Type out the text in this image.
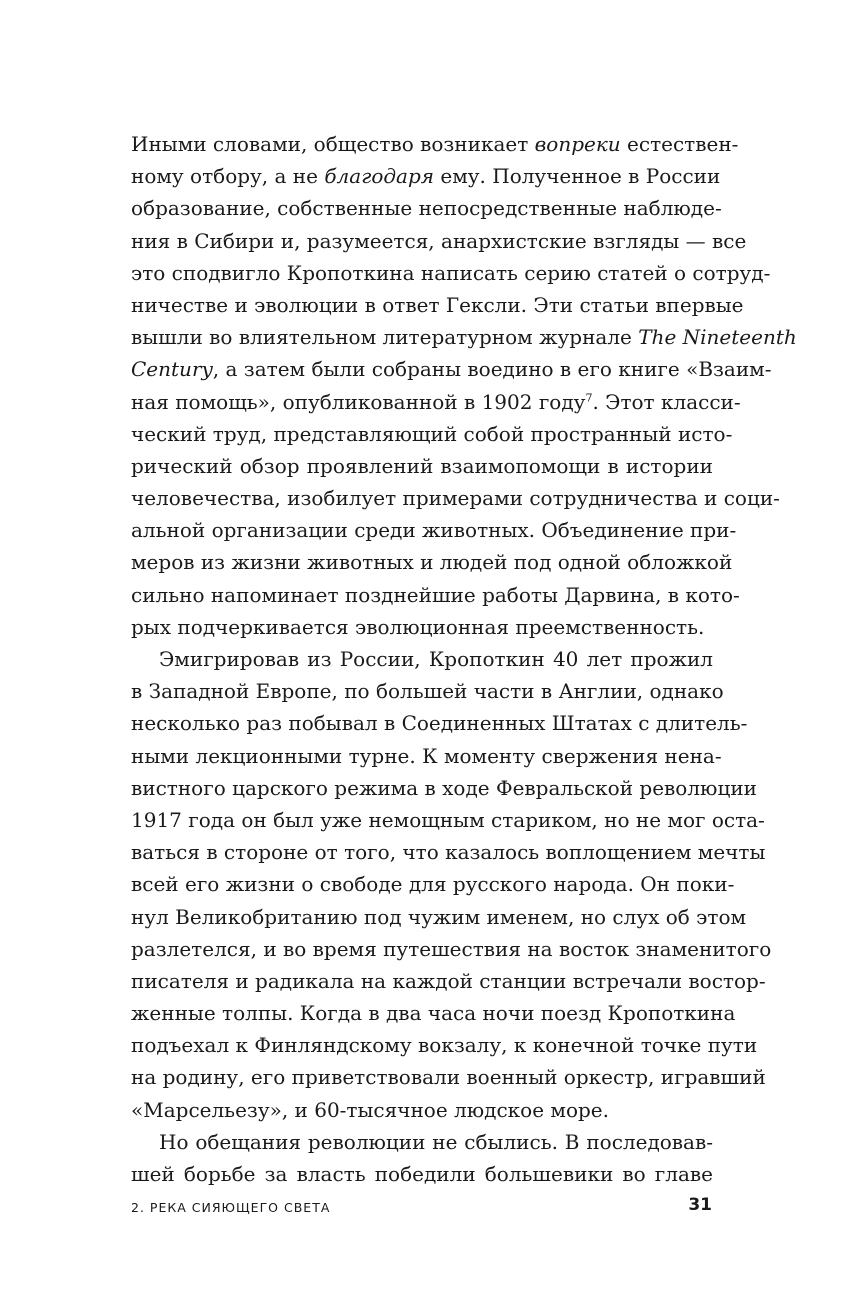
Иными словами, общество возникает вопреки естествен-
ному отбору, а не благодаря ему. Полученное в России
образование, собственные непосредственные наблюде-
ния в Сибири и, разумеется, анархистские взгляды — все
это сподвигло Кропоткина написать серию статей о сотруд-
ничестве и эволюции в ответ Гексли. Эти статьи впервые
вышли во влиятельном литературном журнале The Nineteenth
Century, а затем были собраны воедино в его книге «Взаим-
ная помощь», опубликованной в 1902 году$^7$. Этот класси-
ческий труд, представляющий собой пространный исто-
рический обзор проявлений взаимопомощи в истории
человечества, изобилует примерами сотрудничества и соци-
альной организации среди животных. Объединение при-
меров из жизни животных и людей под одной обложкой
сильно напоминает позднейшие работы Дарвина, в кото-
рых подчеркивается эволюционная преемственность.
Эмигрировав из России, Кропоткин 40 лет прожил
в Западной Европе, по большей части в Англии, однако
несколько раз побывал в Соединенных Штатах с длитель-
ными лекционными турне. К моменту свержения нена-
вистного царского режима в ходе Февральской революции
1917 года он был уже немощным стариком, но не мог оста-
ваться в стороне от того, что казалось воплощением мечты
всей его жизни о свободе для русского народа. Он поки-
нул Великобританию под чужим именем, но слух об этом
разлетелся, и во время путешествия на восток знаменитого
писателя и радикала на каждой станции встречали востор-
женные толпы. Когда в два часа ночи поезд Кропоткина
подъехал к Финляндскому вокзалу, к конечной точке пути
на родину, его приветствовали военный оркестр, игравший
«Марсельезу», и 60-тысячное людское море.
Но обещания революции не сбылись. В последовав-
шей борьбе за власть победили большевики во главе
2. РЕКА СИЯЮЩЕГО СВЕТА	31
